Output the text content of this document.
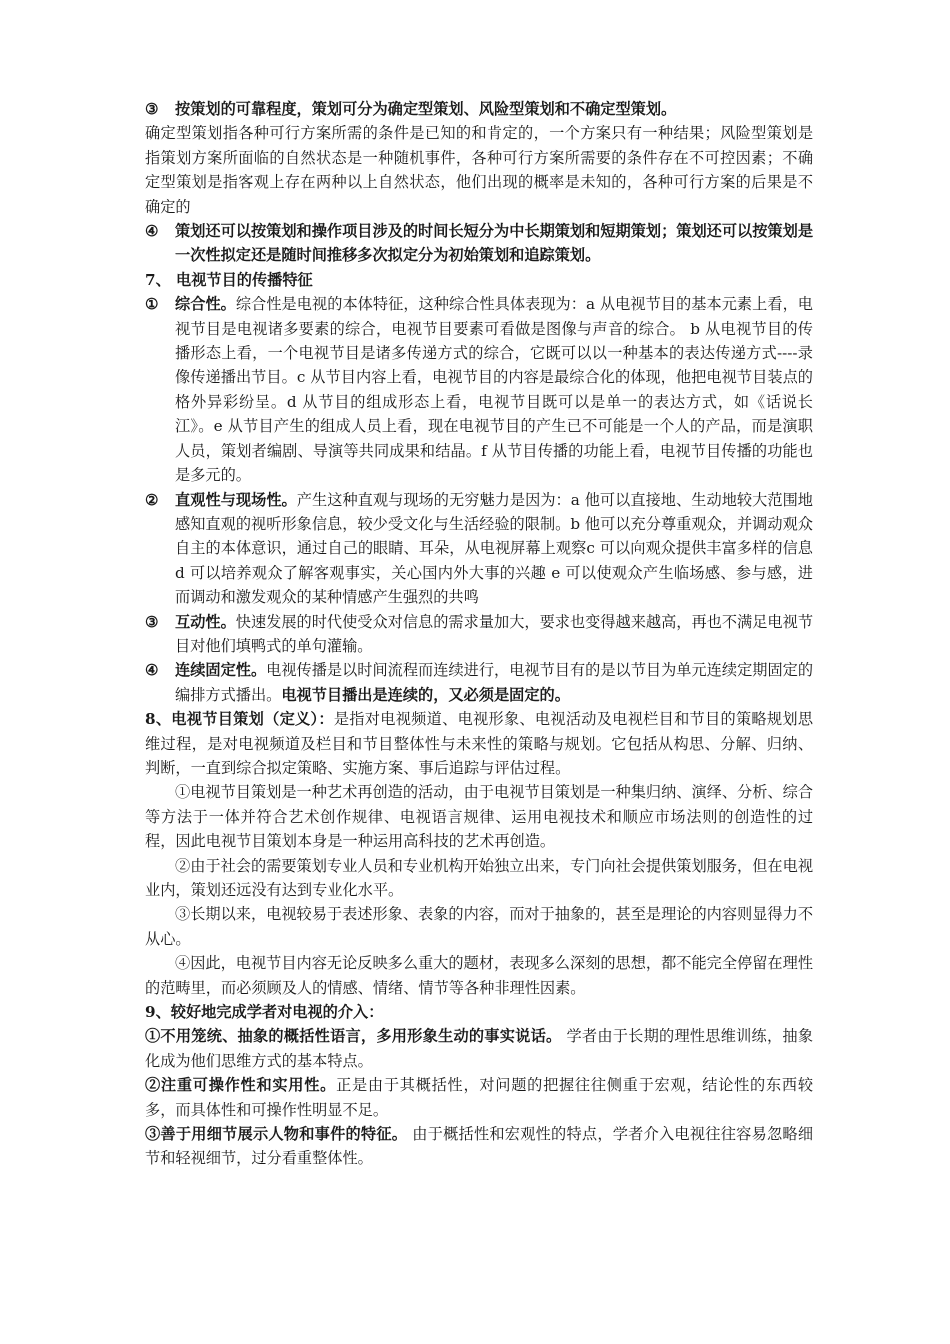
③	按策划的可靠程度，策划可分为确定型策划、风险型策划和不确定型策划。

确定型策划指各种可行方案所需的条件是已知的和肯定的，一个方案只有一种结果；风险型策划是指策划方案所面临的自然状态是一种随机事件，各种可行方案所需要的条件存在不可控因素；不确定型策划是指客观上存在两种以上自然状态，他们出现的概率是未知的，各种可行方案的后果是不确定的

④	策划还可以按策划和操作项目涉及的时间长短分为中长期策划和短期策划；策划还可以按策划是一次性拟定还是随时间推移多次拟定分为初始策划和追踪策划。

7、 电视节目的传播特征

①	综合性。综合性是电视的本体特征，这种综合性具体表现为：a 从电视节目的基本元素上看，电视节目是电视诸多要素的综合，电视节目要素可看做是图像与声音的综合。 b 从电视节目的传播形态上看，一个电视节目是诸多传递方式的综合，它既可以以一种基本的表达传递方式----录像传递播出节目。c 从节目内容上看，电视节目的内容是最综合化的体现，他把电视节目装点的格外异彩纷呈。d 从节目的组成形态上看，电视节目既可以是单一的表达方式，如《话说长江》。e 从节目产生的组成人员上看，现在电视节目的产生已不可能是一个人的产品，而是演职人员，策划者编剧、导演等共同成果和结晶。f 从节目传播的功能上看，电视节目传播的功能也是多元的。
②	直观性与现场性。产生这种直观与现场的无穷魅力是因为：a 他可以直接地、生动地较大范围地感知直观的视听形象信息，较少受文化与生活经验的限制。b 他可以充分尊重观众，并调动观众自主的本体意识，通过自己的眼睛、耳朵，从电视屏幕上观察c 可以向观众提供丰富多样的信息 d 可以培养观众了解客观事实，关心国内外大事的兴趣 e 可以使观众产生临场感、参与感，进而调动和激发观众的某种情感产生强烈的共鸣
③	互动性。快速发展的时代使受众对信息的需求量加大，要求也变得越来越高，再也不满足电视节目对他们填鸭式的单句灌输。
④	连续固定性。电视传播是以时间流程而连续进行，电视节目有的是以节目为单元连续定期固定的编排方式播出。电视节目播出是连续的，又必须是固定的。

8、电视节目策划（定义）：是指对电视频道、电视形象、电视活动及电视栏目和节目的策略规划思维过程，是对电视频道及栏目和节目整体性与未来性的策略与规划。它包括从构思、分解、归纳、判断，一直到综合拟定策略、实施方案、事后追踪与评估过程。

①电视节目策划是一种艺术再创造的活动，由于电视节目策划是一种集归纳、演绎、分析、综合等方法于一体并符合艺术创作规律、电视语言规律、运用电视技术和顺应市场法则的创造性的过程，因此电视节目策划本身是一种运用高科技的艺术再创造。

②由于社会的需要策划专业人员和专业机构开始独立出来，专门向社会提供策划服务，但在电视业内，策划还远没有达到专业化水平。

③长期以来，电视较易于表述形象、表象的内容，而对于抽象的，甚至是理论的内容则显得力不从心。

④因此，电视节目内容无论反映多么重大的题材，表现多么深刻的思想，都不能完全停留在理性的范畴里，而必须顾及人的情感、情绪、情节等各种非理性因素。

9、较好地完成学者对电视的介入：

①不用笼统、抽象的概括性语言，多用形象生动的事实说话。 学者由于长期的理性思维训练，抽象化成为他们思维方式的基本特点。

②注重可操作性和实用性。正是由于其概括性，对问题的把握往往侧重于宏观，结论性的东西较多，而具体性和可操作性明显不足。

③善于用细节展示人物和事件的特征。 由于概括性和宏观性的特点，学者介入电视往往容易忽略细节和轻视细节，过分看重整体性。
